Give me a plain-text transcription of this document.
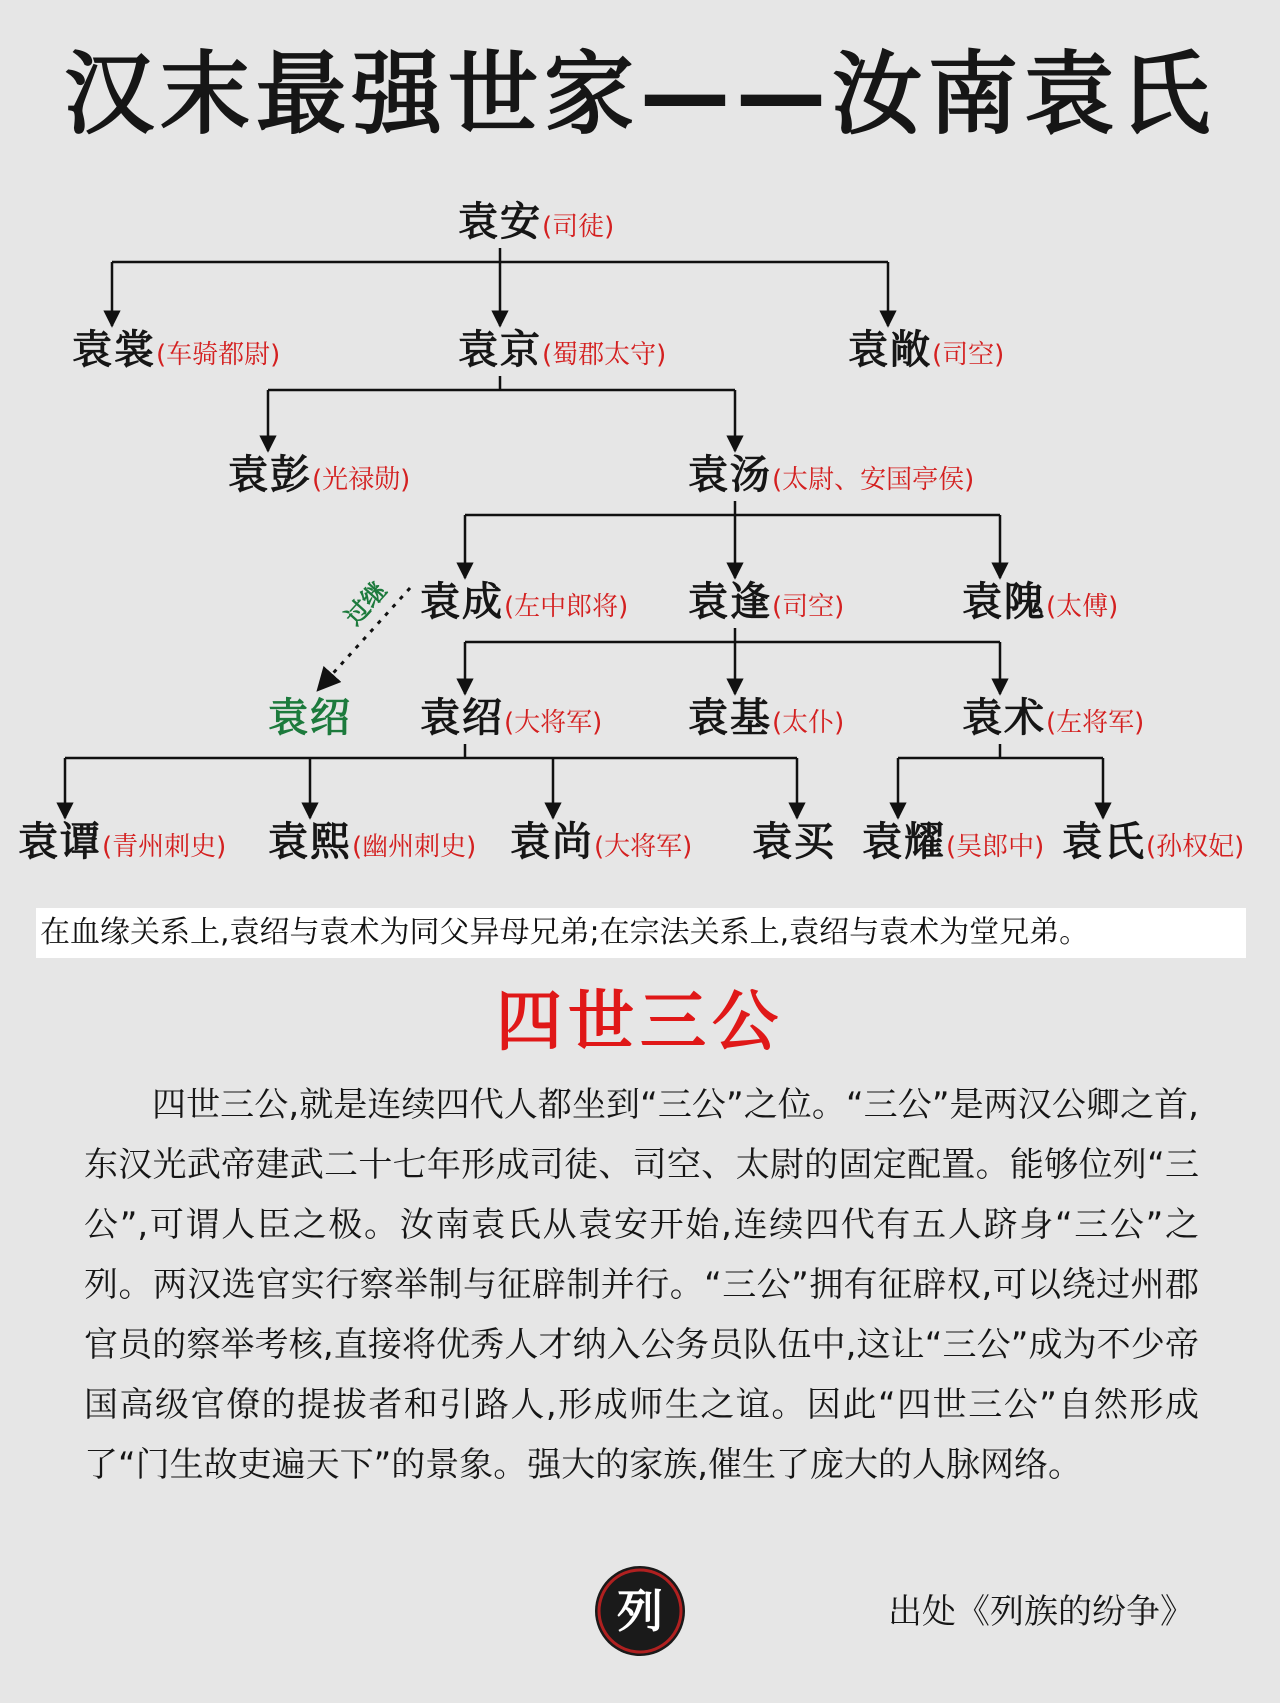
汉末最强世家——汝南袁氏
过继
袁安(司徒)
袁裳(车骑都尉)	袁京(蜀郡太守)	袁敞(司空)
袁彭(光禄勋)	袁汤(太尉、安国亭侯)
袁成(左中郎将) 袁逢(司空)	袁隗(太傅)
袁绍 袁绍(大将军) 袁基(太仆)	袁术(左将军)
袁谭(青州刺史) 袁熙(幽州刺史) 袁尚(大将军) 袁买 袁耀(吴郎中) 袁氏(孙权妃)
在血缘关系上,袁绍与袁术为同父异母兄弟;在宗法关系上,袁绍与袁术为堂兄弟。
四世三公
四世三公,就是连续四代人都坐到“三公”之位。“三公”是两汉公卿之首,东汉光武帝建武二十七年形成司徒、司空、太尉的固定配置。能够位列“三公”,可谓人臣之极。汝南袁氏从袁安开始,连续四代有五人跻身“三公”之列。两汉选官实行察举制与征辟制并行。“三公”拥有征辟权,可以绕过州郡官员的察举考核,直接将优秀人才纳入公务员队伍中,这让“三公”成为不少帝国高级官僚的提拔者和引路人,形成师生之谊。因此“四世三公”自然形成了“门生故吏遍天下”的景象。强大的家族,催生了庞大的人脉网络。
列	出处《列族的纷争》
